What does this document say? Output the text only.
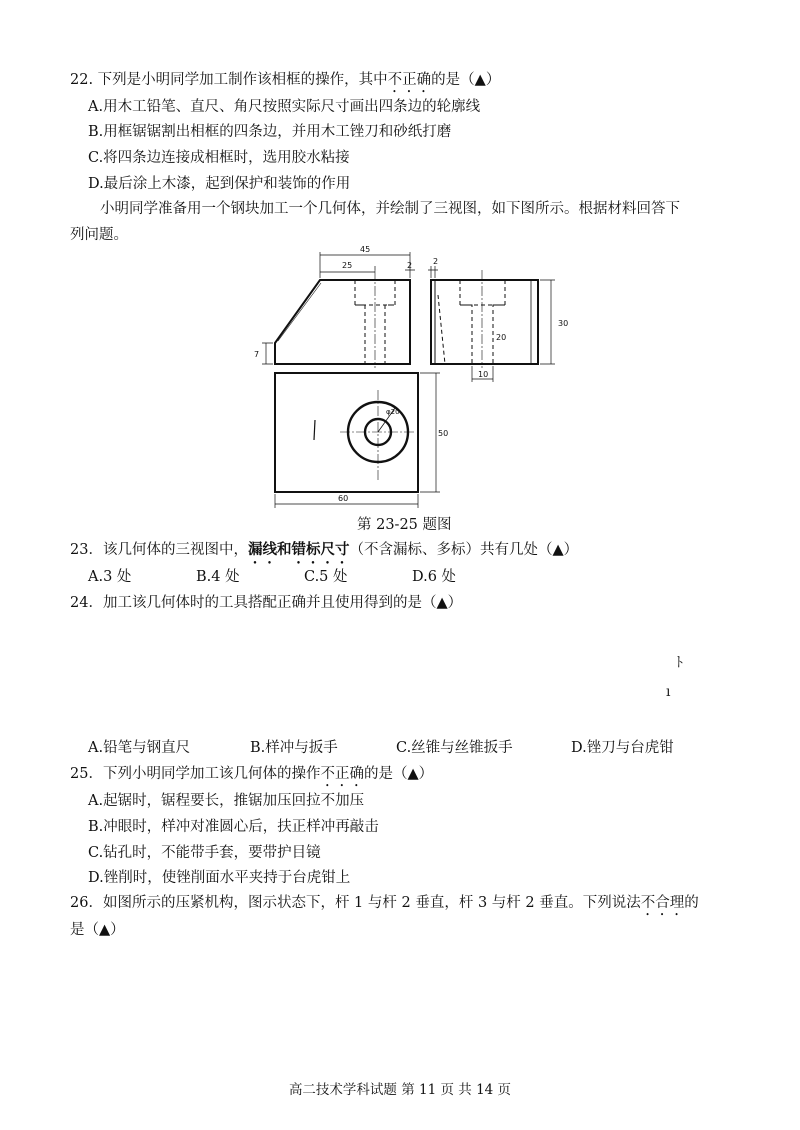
22. 下列是小明同学加工制作该相框的操作，其中不正确的是（▲）
A.用木工铅笔、直尺、角尺按照实际尺寸画出四条边的轮廓线
B.用框锯锯割出相框的四条边，并用木工锉刀和砂纸打磨
C.将四条边连接成相框时，选用胶水粘接
D.最后涂上木漆，起到保护和装饰的作用
小明同学准备用一个钢块加工一个几何体，并绘制了三视图，如下图所示。根据材料回答下
列问题。
45
25	2	2
7
30
20
10
50
60
φ20
第 23-25 题图
23．该几何体的三视图中，漏线和错标尺寸（不含漏标、多标）共有几处（▲）
A.3 处	B.4 处	C.5 处	D.6 处
24．加工该几何体时的工具搭配正确并且使用得到的是（▲）
ﾄ
ı
A.铅笔与钢直尺	B.样冲与扳手	C.丝锥与丝锥扳手	D.锉刀与台虎钳
25．下列小明同学加工该几何体的操作不正确的是（▲）
A.起锯时，锯程要长，推锯加压回拉不加压
B.冲眼时，样冲对准圆心后，扶正样冲再敲击
C.钻孔时，不能带手套，要带护目镜
D.锉削时，使锉削面水平夹持于台虎钳上
26．如图所示的压紧机构，图示状态下，杆 1 与杆 2 垂直，杆 3 与杆 2 垂直。下列说法不合理的
是（▲）
高二技术学科试题 第 11 页 共 14 页
